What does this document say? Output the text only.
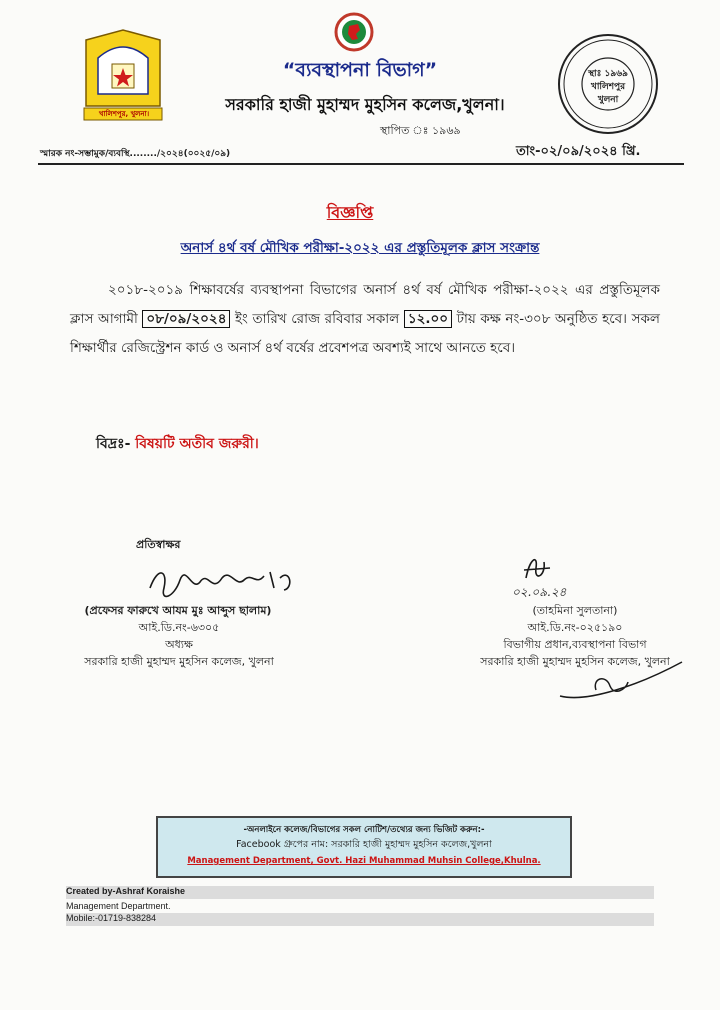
খালিশপুর, খুলনা।
স্থাঃ ১৯৬৯ খালিশপুর খুলনা
“ব্যবস্থাপনা বিভাগ”
সরকারি হাজী মুহাম্মদ মুহসিন কলেজ,খুলনা।
স্থাপিত ঃ ১৯৬৯
স্মারক নং-সম্ভামুক/ব্যবস্থি......../২০২৪(০০২৫/০৯)	তাং-০২/০৯/২০২৪ খ্রি.
বিজ্ঞপ্তি
অনার্স ৪র্থ বর্ষ মৌখিক পরীক্ষা-২০২২ এর প্রস্তুতিমূলক ক্লাস সংক্রান্ত

২০১৮-২০১৯ শিক্ষাবর্ষের ব্যবস্থাপনা বিভাগের অনার্স ৪র্থ বর্ষ মৌখিক পরীক্ষা-২০২২ এর প্রস্তুতিমূলক ক্লাস আগামী ০৮/০৯/২০২৪ ইং তারিখ রোজ রবিবার সকাল ১২.০০ টায় কক্ষ নং-৩০৮ অনুষ্ঠিত হবে। সকল শিক্ষার্থীর রেজিস্ট্রেশন কার্ড ও অনার্স ৪র্থ বর্ষের প্রবেশপত্র অবশ্যই সাথে আনতে হবে।

বিদ্রঃ- বিষয়টি অতীব জরুরী।
প্রতিস্বাক্ষর
০২.০৯.২৪
(প্রফেসর ফারুখে আযম মুঃ আব্দুস ছালাম)
আই.ডি.নং-৬৩০৫
অধ্যক্ষ
সরকারি হাজী মুহাম্মদ মুহসিন কলেজ, খুলনা
(তাহমিনা সুলতানা)
আই.ডি.নং-০২৫১৯০
বিভাগীয় প্রধান,ব্যবস্থাপনা বিভাগ
সরকারি হাজী মুহাম্মদ মুহসিন কলেজ, খুলনা
-অনলাইনে কলেজ/বিভাগের সকল নোটিশ/তথ্যের জন্য ভিজিট করুন:-
Facebook গ্রুপের নাম: সরকারি হাজী মুহাম্মদ মুহসিন কলেজ,খুলনা
Management Department, Govt. Hazi Muhammad Muhsin College,Khulna.
Created by-Ashraf Koraishe
Management Department.
Mobile:-01719-838284
